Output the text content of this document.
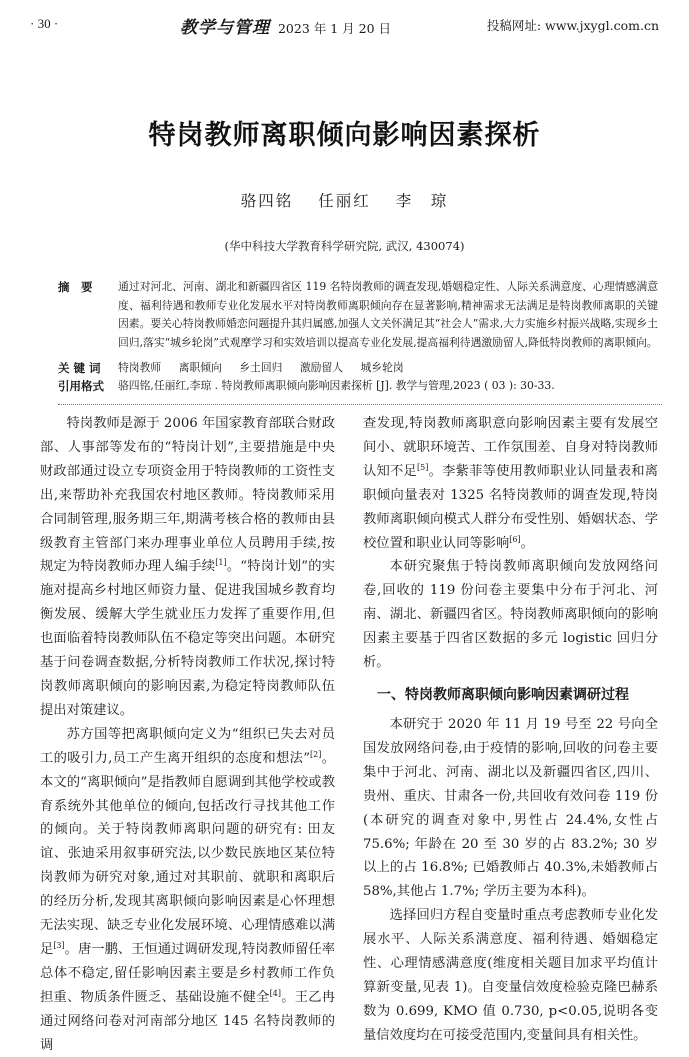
· 30 ·	教学与管理 2023 年 1 月 20 日	投稿网址: www.jxygl.com.cn
特岗教师离职倾向影响因素探析
骆四铭 任丽红 李　琼
(华中科技大学教育科学研究院, 武汉, 430074)
摘　要 通过对河北、河南、湖北和新疆四省区 119 名特岗教师的调查发现,婚姻稳定性、人际关系满意度、心理情感满意度、福利待遇和教师专业化发展水平对特岗教师离职倾向存在显著影响,精神需求无法满足是特岗教师离职的关键因素。要关心特岗教师婚恋问题提升其归属感,加强人文关怀满足其“社会人”需求,大力实施乡村振兴战略,实现乡土回归,落实“城乡轮岗”式观摩学习和实效培训以提高专业化发展,提高福利待遇激励留人,降低特岗教师的离职倾向。
关 键 词 特岗教师 离职倾向 乡土回归 激励留人 城乡轮岗
引用格式 骆四铭,任丽红,李琼 . 特岗教师离职倾向影响因素探析 [J]. 教学与管理,2023 ( 03 ): 30-33.

特岗教师是源于 2006 年国家教育部联合财政部、人事部等发布的“特岗计划”,主要措施是中央财政部通过设立专项资金用于特岗教师的工资性支出,来帮助补充我国农村地区教师。特岗教师采用合同制管理,服务期三年,期满考核合格的教师由县级教育主管部门来办理事业单位人员聘用手续,按规定为特岗教师办理人编手续[1]。“特岗计划”的实施对提高乡村地区师资力量、促进我国城乡教育均衡发展、缓解大学生就业压力发挥了重要作用,但也面临着特岗教师队伍不稳定等突出问题。本研究基于问卷调查数据,分析特岗教师工作状况,探讨特岗教师离职倾向的影响因素,为稳定特岗教师队伍提出对策建议。

苏方国等把离职倾向定义为“组织已失去对员工的吸引力,员工产生离开组织的态度和想法”[2]。本文的“离职倾向”是指教师自愿调到其他学校或教育系统外其他单位的倾向,包括改行寻找其他工作的倾向。关于特岗教师离职问题的研究有: 田友谊、张迪采用叙事研究法,以少数民族地区某位特岗教师为研究对象,通过对其职前、就职和离职后的经历分析,发现其离职倾向影响因素是心怀理想无法实现、缺乏专业化发展环境、心理情感难以满足[3]。唐一鹏、王恒通过调研发现,特岗教师留任率总体不稳定,留任影响因素主要是乡村教师工作负担重、物质条件匮乏、基础设施不健全[4]。王乙冉通过网络问卷对河南部分地区 145 名特岗教师的调

查发现,特岗教师离职意向影响因素主要有发展空间小、就职环境苦、工作氛围差、自身对特岗教师认知不足[5]。李紫菲等使用教师职业认同量表和离职倾向量表对 1325 名特岗教师的调查发现,特岗教师离职倾向模式人群分布受性别、婚姻状态、学校位置和职业认同等影响[6]。

本研究聚焦于特岗教师离职倾向发放网络问卷,回收的 119 份问卷主要集中分布于河北、河南、湖北、新疆四省区。特岗教师离职倾向的影响因素主要基于四省区数据的多元 logistic 回归分析。

一、特岗教师离职倾向影响因素调研过程

本研究于 2020 年 11 月 19 号至 22 号向全国发放网络问卷,由于疫情的影响,回收的问卷主要集中于河北、河南、湖北以及新疆四省区,四川、贵州、重庆、甘肃各一份,共回收有效问卷 119 份(本研究的调查对象中,男性占 24.4%,女性占 75.6%; 年龄在 20 至 30 岁的占 83.2%; 30 岁以上的占 16.8%; 已婚教师占 40.3%,未婚教师占 58%,其他占 1.7%; 学历主要为本科)。

选择回归方程自变量时重点考虑教师专业化发展水平、人际关系满意度、福利待遇、婚姻稳定性、心理情感满意度(维度相关题目加求平均值计算新变量,见表 1)。自变量信效度检验克隆巴赫系数为 0.699, KMO 值 0.730, p<0.05,说明各变量信效度均在可接受范围内,变量间具有相关性。
